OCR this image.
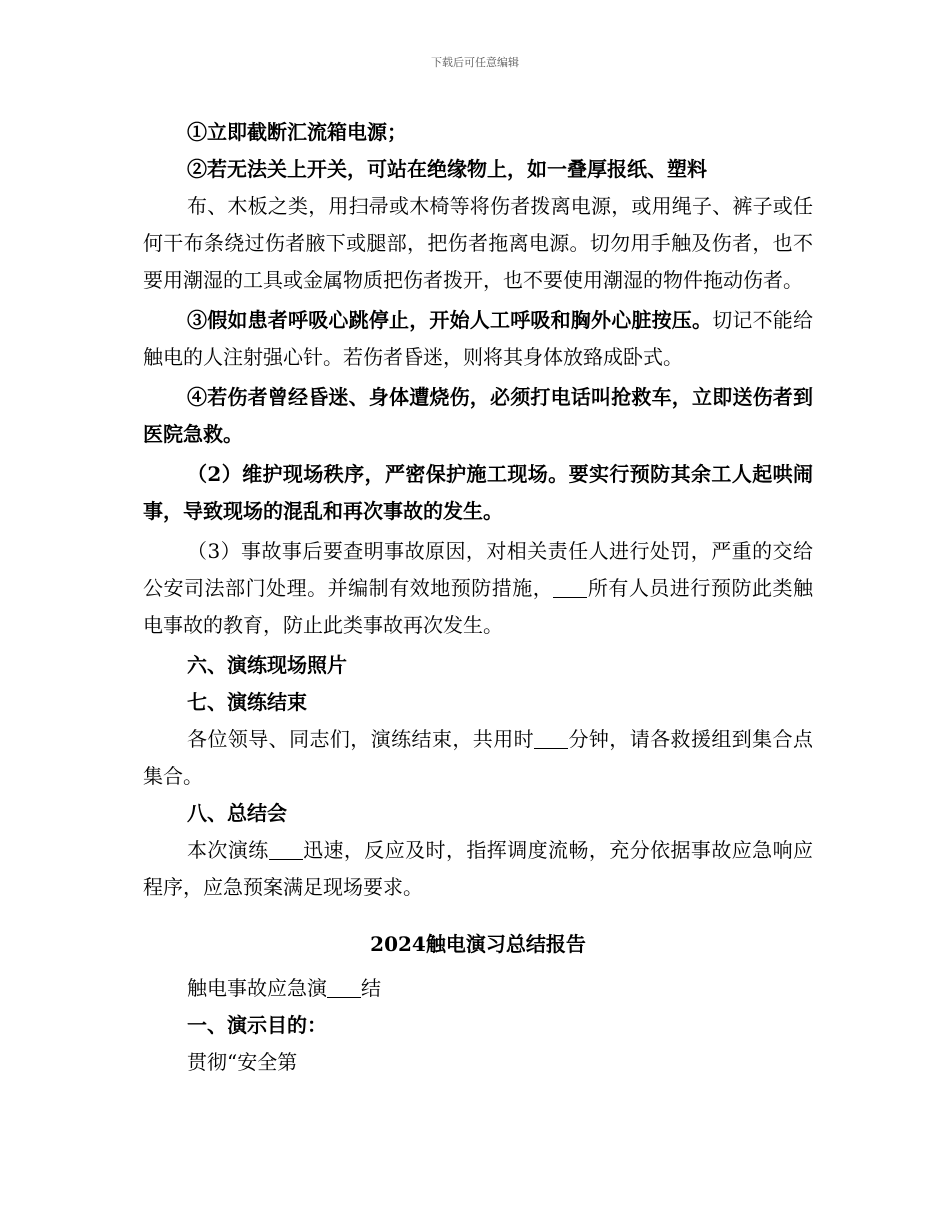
下载后可任意编辑

①立即截断汇流箱电源；

②若无法关上开关，可站在绝缘物上，如一叠厚报纸、塑料

布、木板之类，用扫帚或木椅等将伤者拨离电源，或用绳子、裤子或任何干布条绕过伤者腋下或腿部，把伤者拖离电源。切勿用手触及伤者，也不要用潮湿的工具或金属物质把伤者拨开，也不要使用潮湿的物件拖动伤者。

③假如患者呼吸心跳停止，开始人工呼吸和胸外心脏按压。切记不能给触电的人注射强心针。若伤者昏迷，则将其身体放臵成卧式。

④若伤者曾经昏迷、身体遭烧伤，必须打电话叫抢救车，立即送伤者到医院急救。

（2）维护现场秩序，严密保护施工现场。要实行预防其余工人起哄闹事，导致现场的混乱和再次事故的发生。

（3）事故事后要查明事故原因，对相关责任人进行处罚，严重的交给公安司法部门处理。并编制有效地预防措施， 所有人员进行预防此类触电事故的教育，防止此类事故再次发生。

六、演练现场照片

七、演练结束

各位领导、同志们，演练结束，共用时 分钟，请各救援组到集合点集合。

八、总结会

本次演练 迅速，反应及时，指挥调度流畅，充分依据事故应急响应程序，应急预案满足现场要求。

2024触电演习总结报告

触电事故应急演 结

一、演示目的：

贯彻“安全第
